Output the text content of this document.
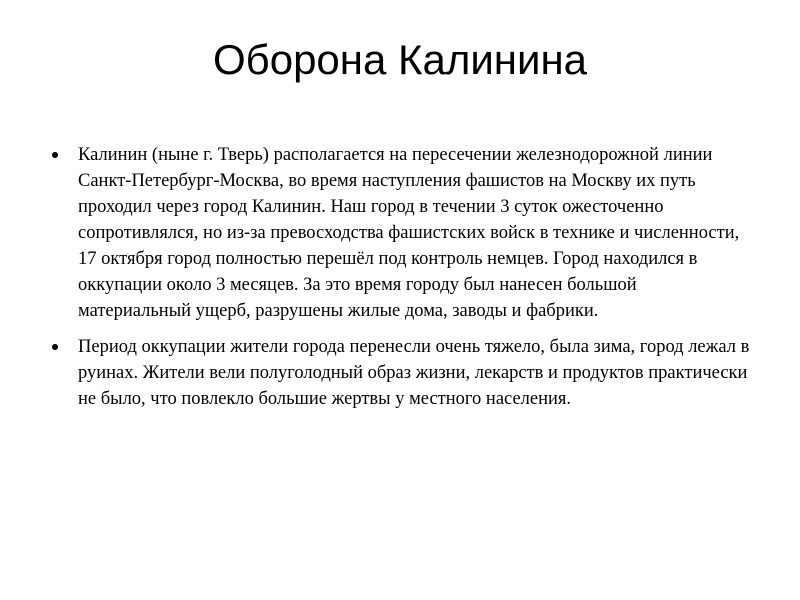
Оборона Калинина
Калинин (ныне г. Тверь) располагается на пересечении железнодорожной линии Санкт-Петербург-Москва, во время наступления фашистов на Москву их путь проходил через город Калинин. Наш город в течении 3 суток ожесточенно сопротивлялся, но из-за превосходства фашистских войск в технике и численности, 17 октября город полностью перешёл под контроль немцев. Город находился в оккупации около 3 месяцев. За это время городу был нанесен большой материальный ущерб, разрушены жилые дома, заводы и фабрики.
Период оккупации жители города перенесли очень тяжело, была зима, город лежал в руинах. Жители вели полуголодный образ жизни, лекарств и продуктов практически не было, что повлекло большие жертвы у местного населения.
